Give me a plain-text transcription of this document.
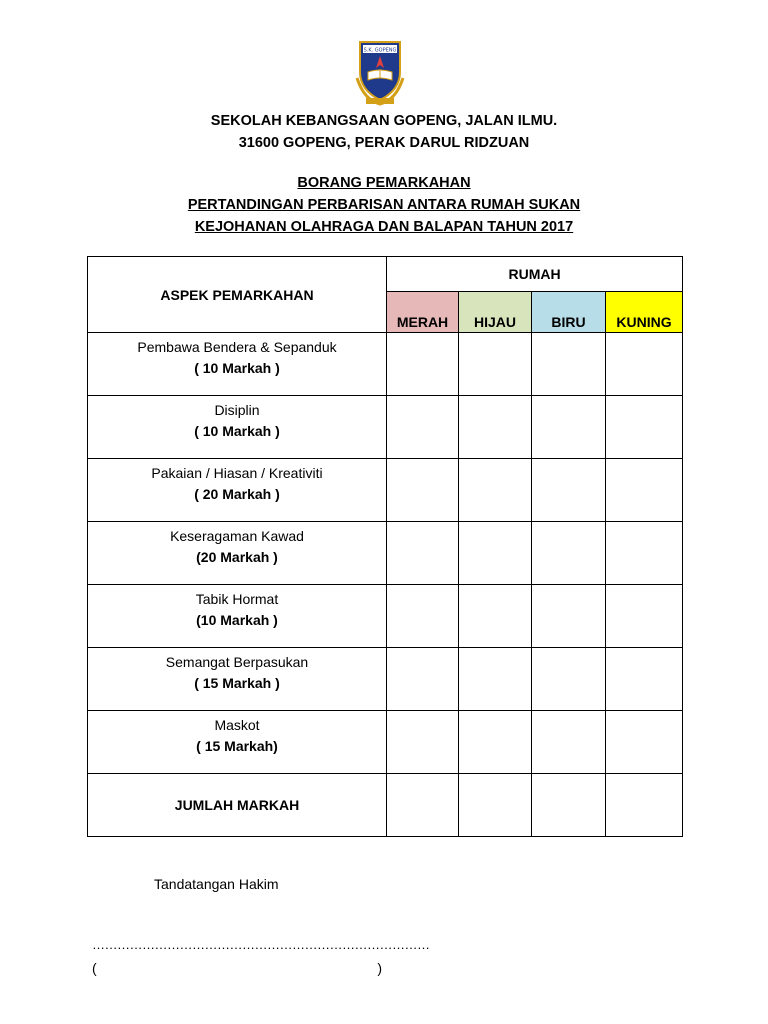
S.K. GOPENG
SEKOLAH KEBANGSAAN GOPENG, JALAN ILMU.
31600 GOPENG, PERAK DARUL RIDZUAN
BORANG PEMARKAHAN
PERTANDINGAN PERBARISAN ANTARA RUMAH SUKAN
KEJOHANAN OLAHRAGA DAN BALAPAN TAHUN 2017
ASPEK PEMARKAHAN	RUMAH			
	MERAH	HIJAU	BIRU	KUNING

Pembawa Bendera & Sepanduk
( 10 Markah )				

Disiplin
( 10 Markah )				

Pakaian / Hiasan / Kreativiti
( 20 Markah )				

Keseragaman Kawad
(20 Markah )				

Tabik Hormat
(10 Markah )				

Semangat Berpasukan
( 15 Markah )				

Maskot
( 15 Markah)				

JUMLAH MARKAH				
Tandatangan Hakim
………………………………………………………………………
(	)
